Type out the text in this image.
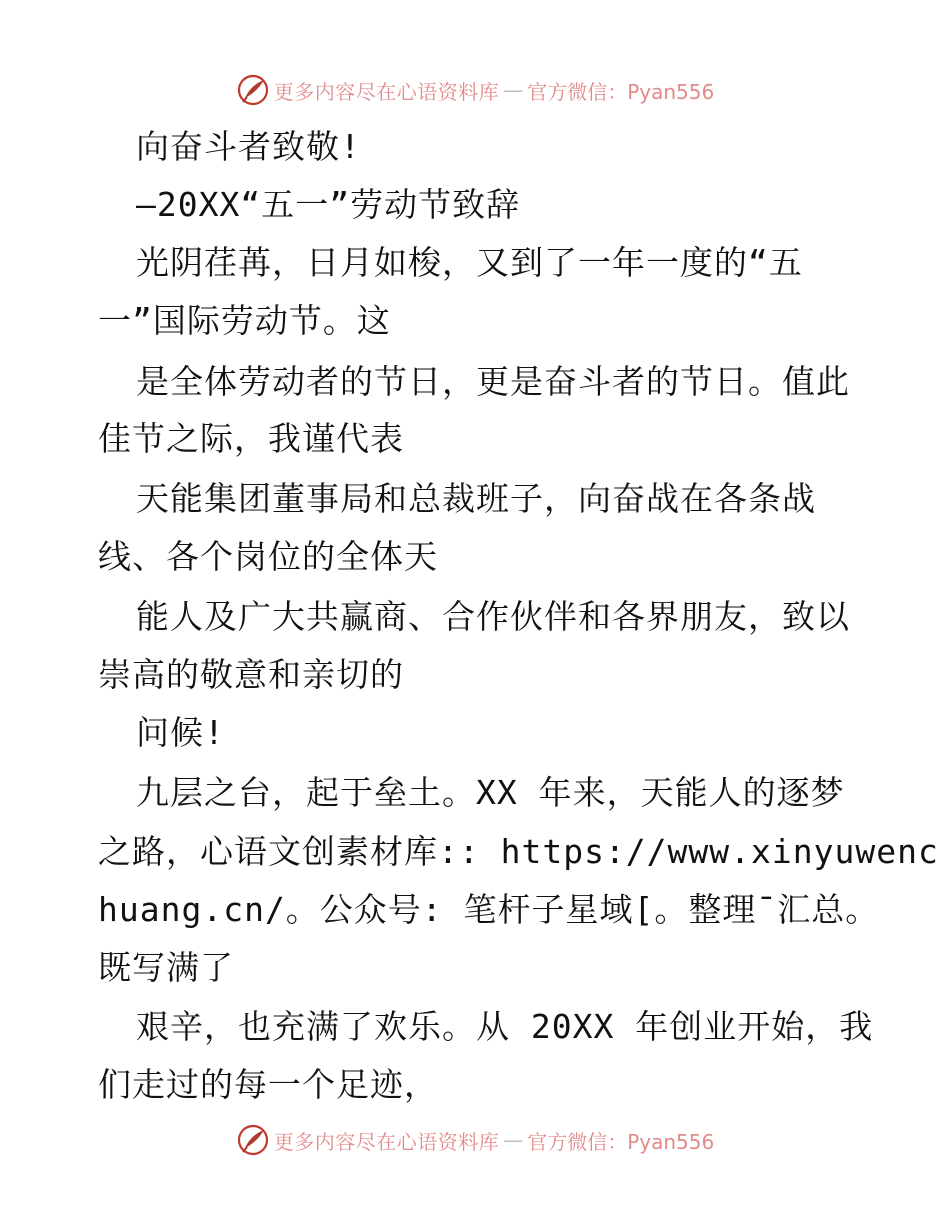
更多内容尽在心语资料库 — 官方微信：Pyan556
向奋斗者致敬!
—20XX“五一”劳动节致辞
光阴荏苒，日月如梭，又到了一年一度的“五
一”国际劳动节。这
是全体劳动者的节日，更是奋斗者的节日。值此
佳节之际，我谨代表
天能集团董事局和总裁班子，向奋战在各条战
线、各个岗位的全体天
能人及广大共赢商、合作伙伴和各界朋友，致以
崇高的敬意和亲切的
问候!
九层之台，起于垒土。XX 年来，天能人的逐梦
之路，心语文创素材库:: https://www.xinyuwenc
huang.cn/。公众号: 笔杆子星域[。整理¯汇总。
既写满了
艰辛，也充满了欢乐。从 20XX 年创业开始，我
们走过的每一个足迹，
更多内容尽在心语资料库 — 官方微信：Pyan556
